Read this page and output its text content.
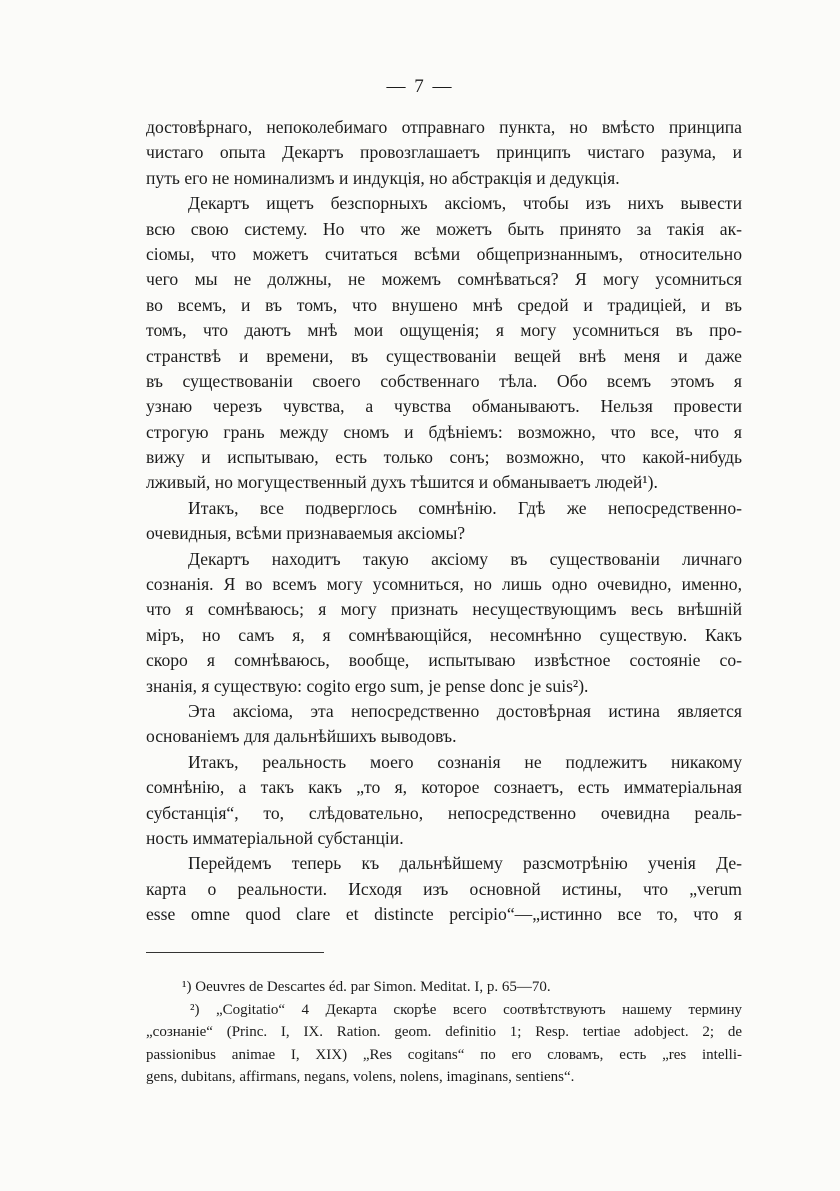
— 7 —
достовѣрнаго, непоколебимаго отправнаго пункта, но вмѣсто принципа
чистаго опыта Декартъ провозглашаетъ принципъ чистаго разума, и
путь его не номинализмъ и индукція, но абстракція и дедукція.
Декартъ ищетъ безспорныхъ аксіомъ, чтобы изъ нихъ вывести
всю свою систему. Но что же можетъ быть принято за такія ак-
сіомы, что можетъ считаться всѣми общепризнаннымъ, относительно
чего мы не должны, не можемъ сомнѣваться? Я могу усомниться
во всемъ, и въ томъ, что внушено мнѣ средой и традиціей, и въ
томъ, что даютъ мнѣ мои ощущенія; я могу усомниться въ про-
странствѣ и времени, въ существованіи вещей внѣ меня и даже
въ существованіи своего собственнаго тѣла. Обо всемъ этомъ я
узнаю черезъ чувства, а чувства обманываютъ. Нельзя провести
строгую грань между сномъ и бдѣніемъ: возможно, что все, что я
вижу и испытываю, есть только сонъ; возможно, что какой-нибудь
лживый, но могущественный духъ тѣшится и обманываетъ людей¹).
Итакъ, все подверглось сомнѣнію. Гдѣ же непосредственно-
очевидныя, всѣми признаваемыя аксіомы?
Декартъ находитъ такую аксіому въ существованіи личнаго
сознанія. Я во всемъ могу усомниться, но лишь одно очевидно, именно,
что я сомнѣваюсь; я могу признать несуществующимъ весь внѣшній
міръ, но самъ я, я сомнѣвающійся, несомнѣнно существую. Какъ
скоро я сомнѣваюсь, вообще, испытываю извѣстное состояніе со-
знанія, я существую: cogito ergo sum, je pense donc je suis²).
Эта аксіома, эта непосредственно достовѣрная истина является
основаніемъ для дальнѣйшихъ выводовъ.
Итакъ, реальность моего сознанія не подлежитъ никакому
сомнѣнію, а такъ какъ „то я, которое сознаетъ, есть имматеріальная
субстанція“, то, слѣдовательно, непосредственно очевидна реаль-
ность имматеріальной субстанціи.
Перейдемъ теперь къ дальнѣйшему разсмотрѣнію ученія Де-
карта о реальности. Исходя изъ основной истины, что „verum
esse omne quod clare et distincte percipio“—„истинно все то, что я
¹) Oeuvres de Descartes éd. par Simon. Meditat. I, p. 65—70.
²) „Cogitatio“ 4 Декарта скорѣе всего соотвѣтствуютъ нашему термину
„сознаніе“ (Princ. I, IX. Ration. geom. definitio 1; Resp. tertiae adobject. 2; de
passionibus animae I, XIX) „Res cogitans“ по его словамъ, есть „res intelli-
gens, dubitans, affirmans, negans, volens, nolens, imaginans, sentiens“.
